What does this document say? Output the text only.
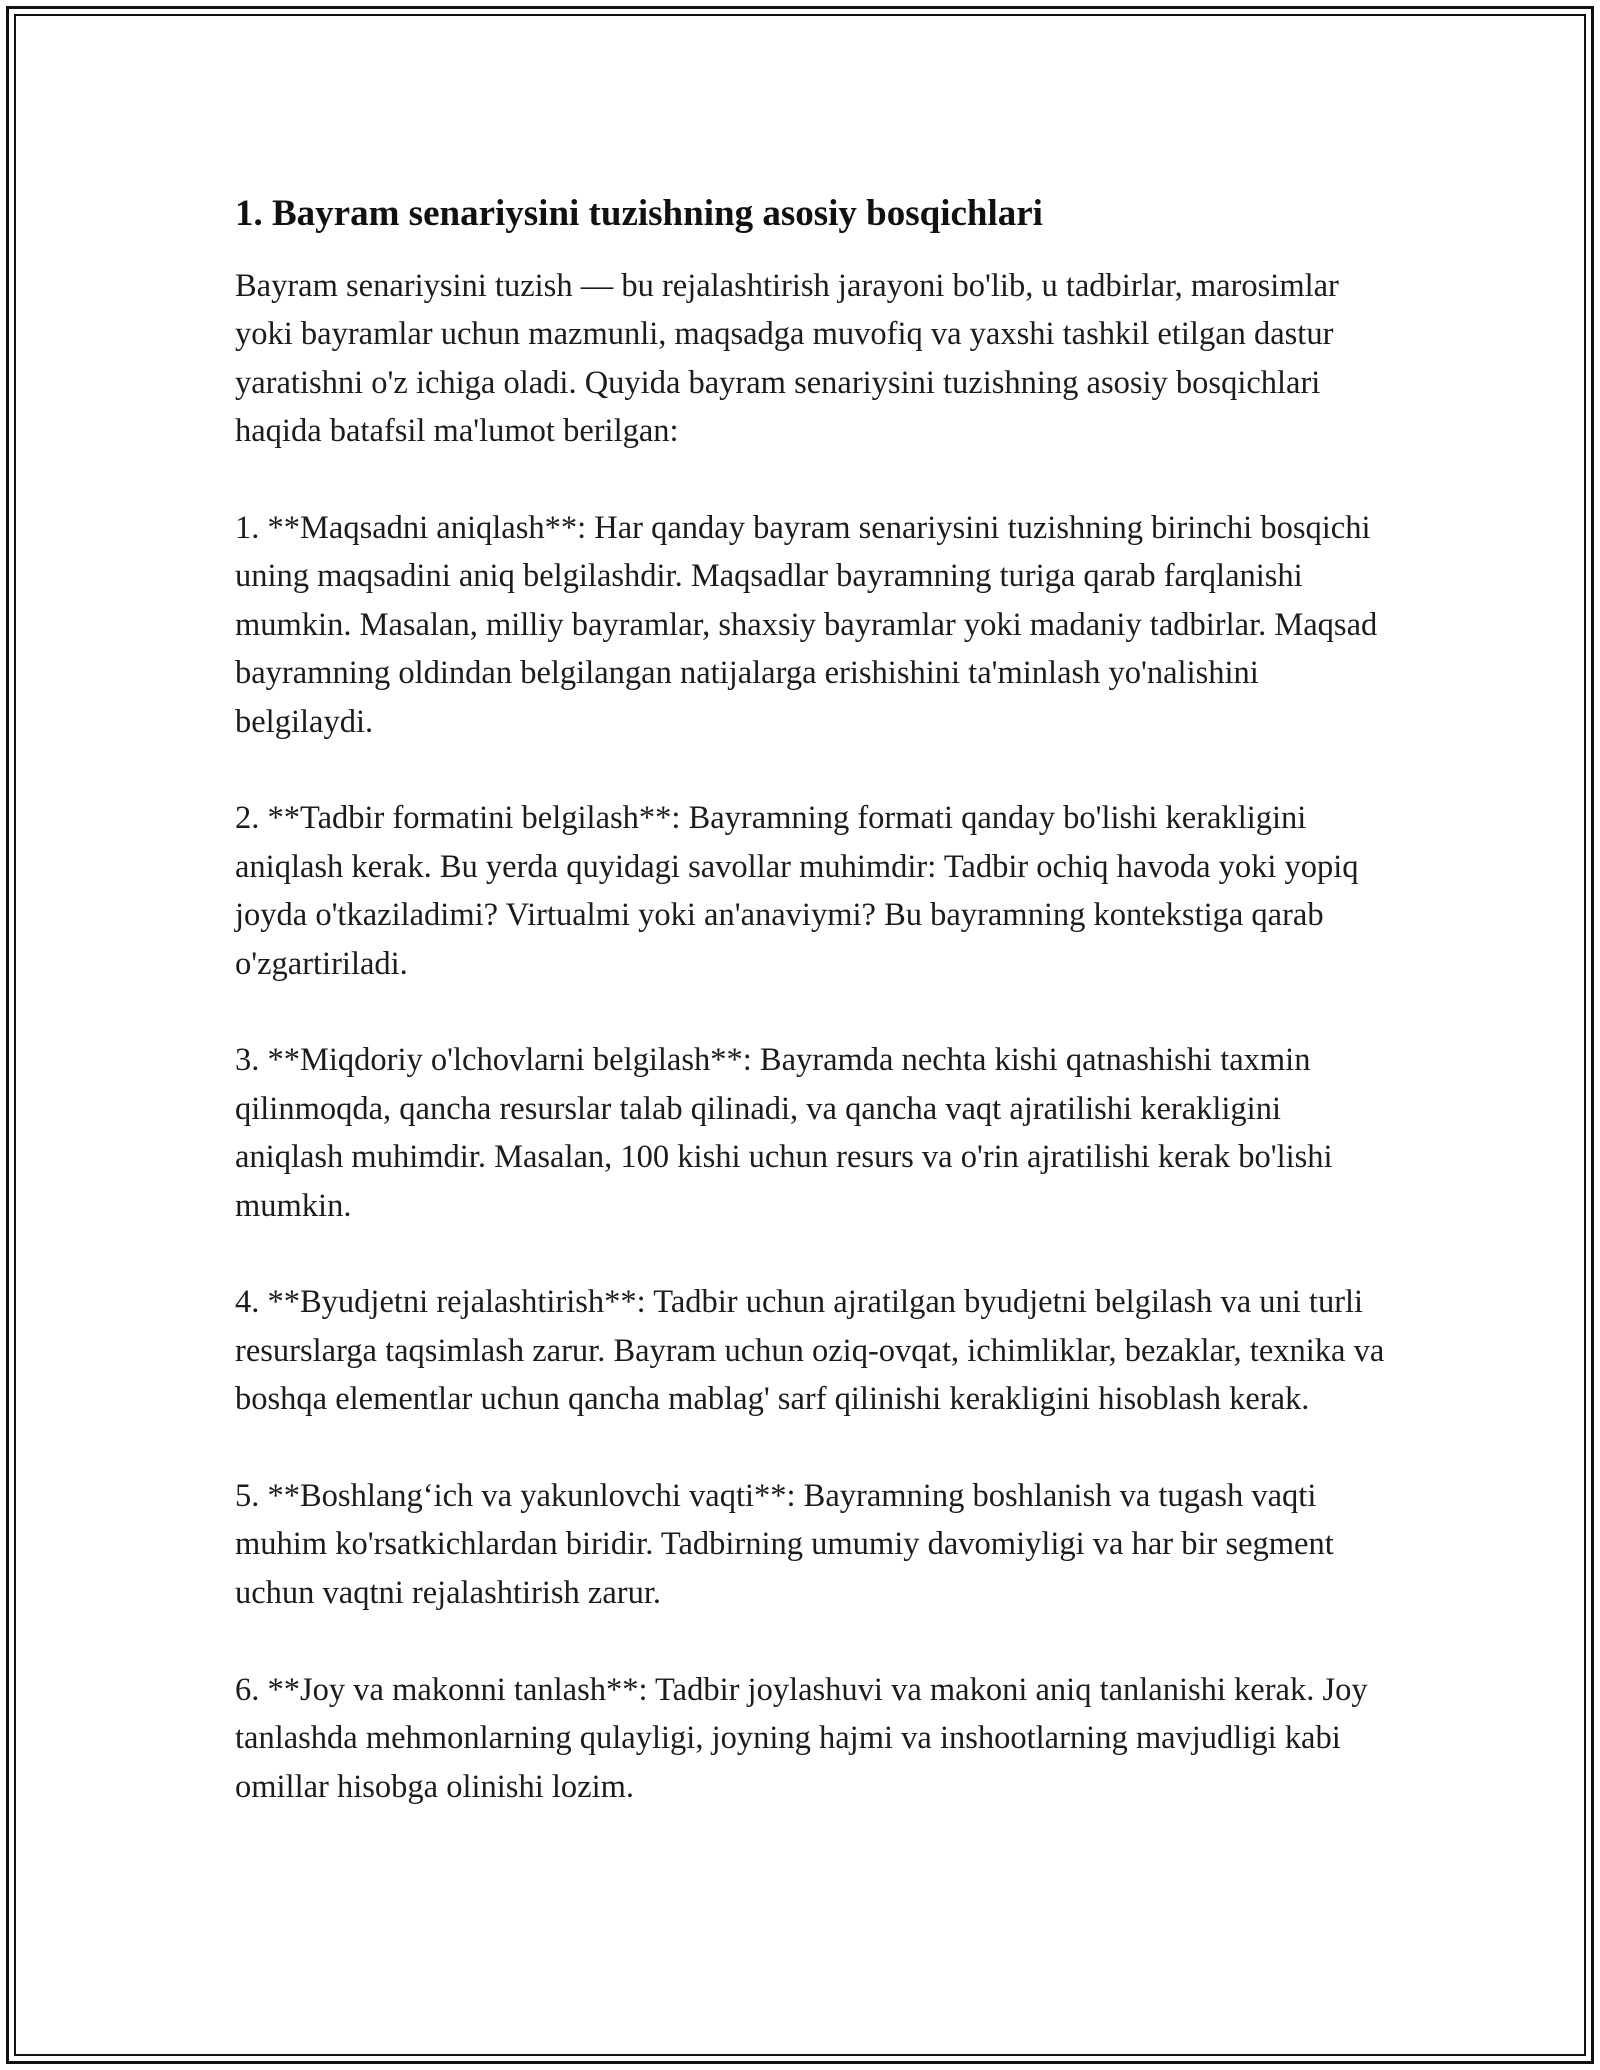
1. Bayram senariysini tuzishning asosiy bosqichlari

Bayram senariysini tuzish — bu rejalashtirish jarayoni bo'lib, u tadbirlar, marosimlar yoki bayramlar uchun mazmunli, maqsadga muvofiq va yaxshi tashkil etilgan dastur yaratishni o'z ichiga oladi. Quyida bayram senariysini tuzishning asosiy bosqichlari haqida batafsil ma'lumot berilgan:

1. **Maqsadni aniqlash**: Har qanday bayram senariysini tuzishning birinchi bosqichi uning maqsadini aniq belgilashdir. Maqsadlar bayramning turiga qarab farqlanishi mumkin. Masalan, milliy bayramlar, shaxsiy bayramlar yoki madaniy tadbirlar. Maqsad bayramning oldindan belgilangan natijalarga erishishini ta'minlash yo'nalishini belgilaydi.

2. **Tadbir formatini belgilash**: Bayramning formati qanday bo'lishi kerakligini aniqlash kerak. Bu yerda quyidagi savollar muhimdir: Tadbir ochiq havoda yoki yopiq joyda o'tkaziladimi? Virtualmi yoki an'anaviymi? Bu bayramning kontekstiga qarab o'zgartiriladi.

3. **Miqdoriy o'lchovlarni belgilash**: Bayramda nechta kishi qatnashishi taxmin qilinmoqda, qancha resurslar talab qilinadi, va qancha vaqt ajratilishi kerakligini aniqlash muhimdir. Masalan, 100 kishi uchun resurs va o'rin ajratilishi kerak bo'lishi mumkin.

4. **Byudjetni rejalashtirish**: Tadbir uchun ajratilgan byudjetni belgilash va uni turli resurslarga taqsimlash zarur. Bayram uchun oziq-ovqat, ichimliklar, bezaklar, texnika va boshqa elementlar uchun qancha mablag' sarf qilinishi kerakligini hisoblash kerak.

5. **Boshlang‘ich va yakunlovchi vaqti**: Bayramning boshlanish va tugash vaqti muhim ko'rsatkichlardan biridir. Tadbirning umumiy davomiyligi va har bir segment uchun vaqtni rejalashtirish zarur.

6. **Joy va makonni tanlash**: Tadbir joylashuvi va makoni aniq tanlanishi kerak. Joy tanlashda mehmonlarning qulayligi, joyning hajmi va inshootlarning mavjudligi kabi omillar hisobga olinishi lozim.
